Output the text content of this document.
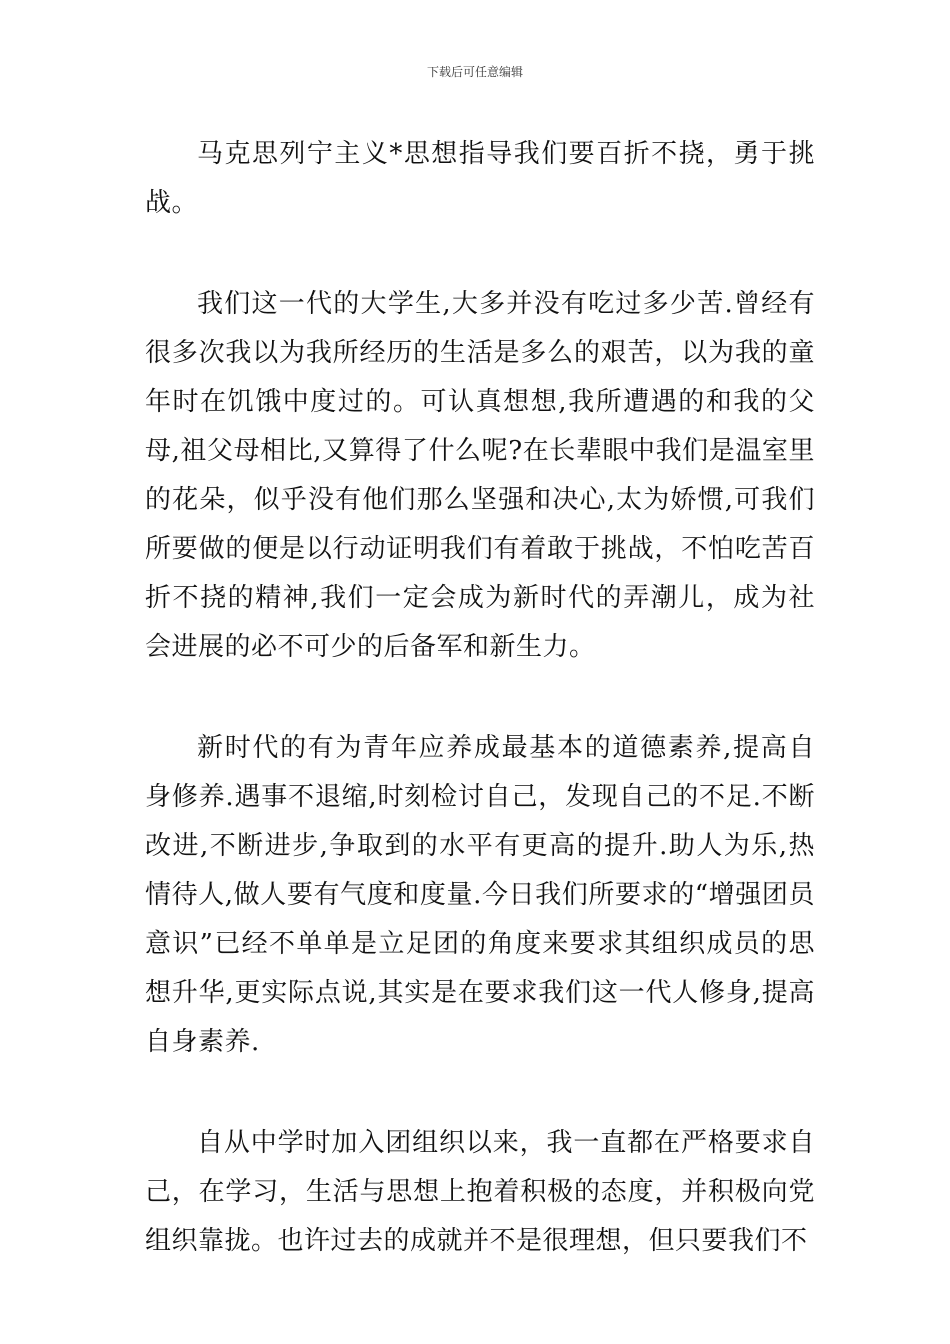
下载后可任意编辑

马克思列宁主义*思想指导我们要百折不挠，勇于挑战。

我们这一代的大学生,大多并没有吃过多少苦.曾经有很多次我以为我所经历的生活是多么的艰苦，以为我的童年时在饥饿中度过的。可认真想想,我所遭遇的和我的父母,祖父母相比,又算得了什么呢?在长辈眼中我们是温室里的花朵，似乎没有他们那么坚强和决心,太为娇惯,可我们所要做的便是以行动证明我们有着敢于挑战，不怕吃苦百折不挠的精神,我们一定会成为新时代的弄潮儿，成为社会进展的必不可少的后备军和新生力。

新时代的有为青年应养成最基本的道德素养,提高自身修养.遇事不退缩,时刻检讨自己，发现自己的不足.不断改进,不断进步,争取到的水平有更高的提升.助人为乐,热情待人,做人要有气度和度量.今日我们所要求的“增强团员意识”已经不单单是立足团的角度来要求其组织成员的思想升华,更实际点说,其实是在要求我们这一代人修身,提高自身素养.

自从中学时加入团组织以来，我一直都在严格要求自己，在学习，生活与思想上抱着积极的态度，并积极向党组织靠拢。也许过去的成就并不是很理想，但只要我们不
